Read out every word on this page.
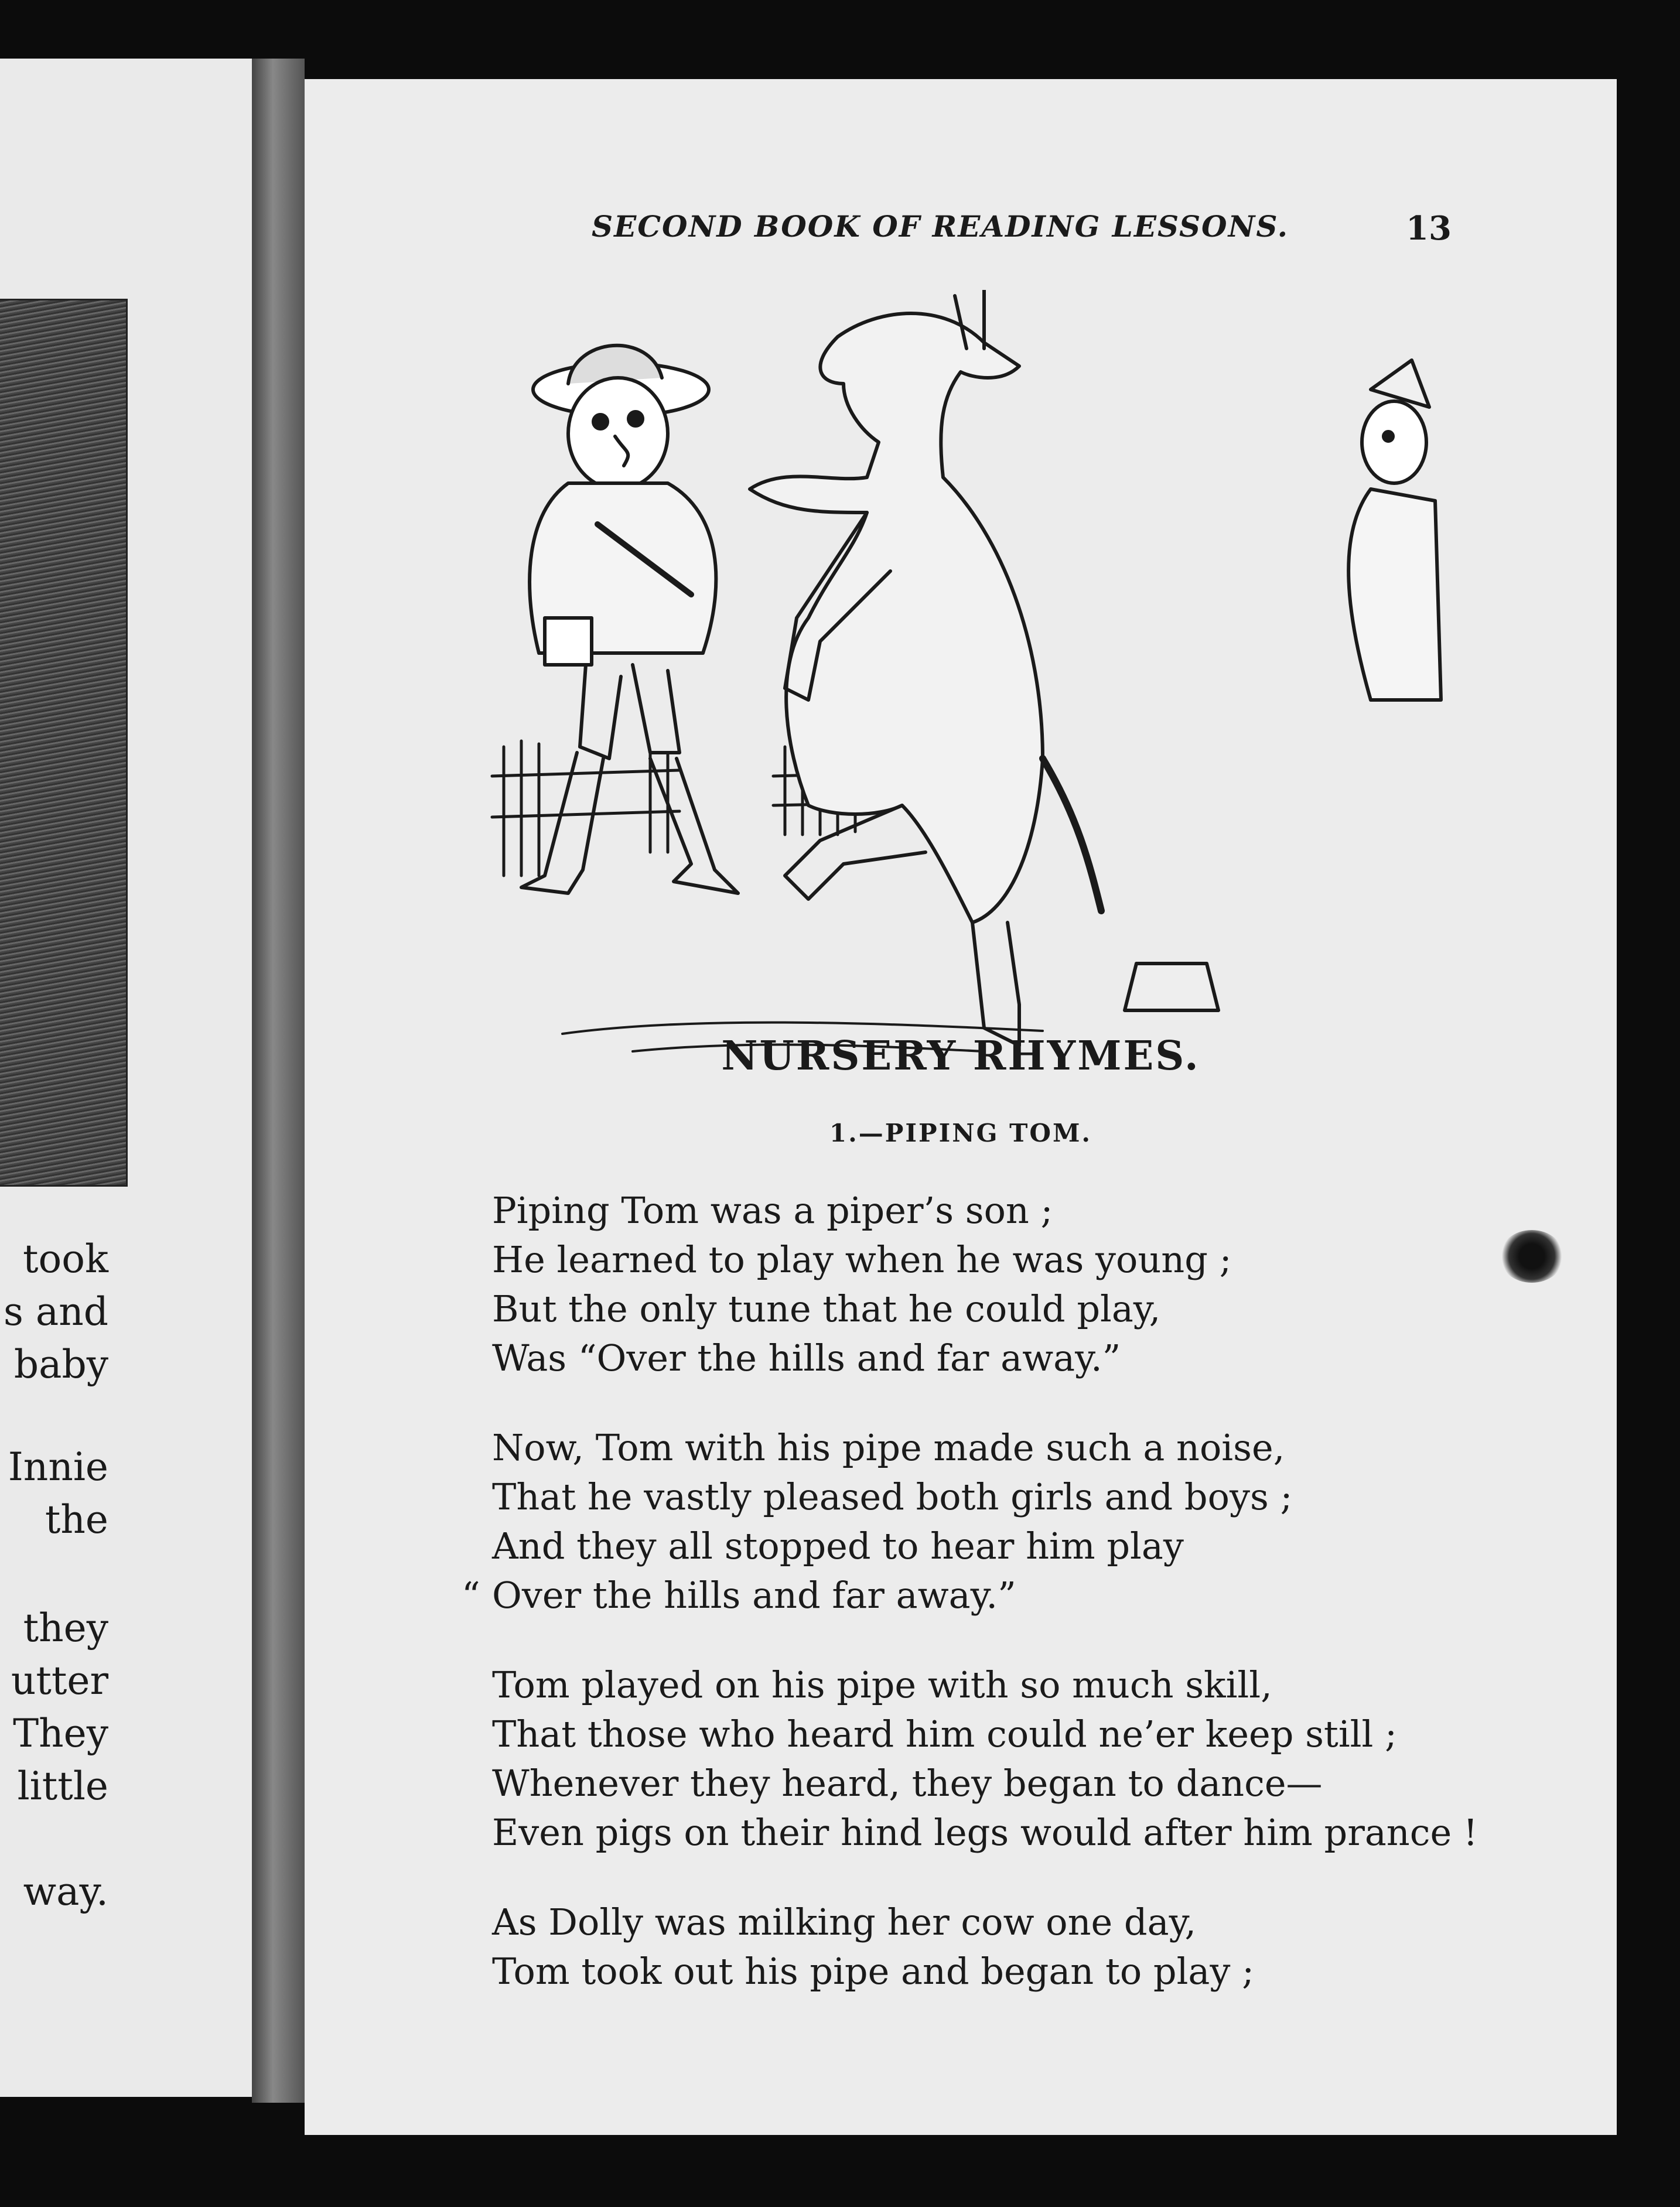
took
s and
baby
Innie
the
they
utter
They
little
way.
SECOND BOOK OF READING LESSONS.	13
NURSERY RHYMES.
1.—PIPING TOM.
Piping Tom was a piper’s son ;
He learned to play when he was young ;
But the only tune that he could play,
Was “Over the hills and far away.”
Now, Tom with his pipe made such a noise,
That he vastly pleased both girls and boys ;
And they all stopped to hear him play
“ Over the hills and far away.”
Tom played on his pipe with so much skill,
That those who heard him could ne’er keep still ;
Whenever they heard, they began to dance—
Even pigs on their hind legs would after him prance !
As Dolly was milking her cow one day,
Tom took out his pipe and began to play ;
